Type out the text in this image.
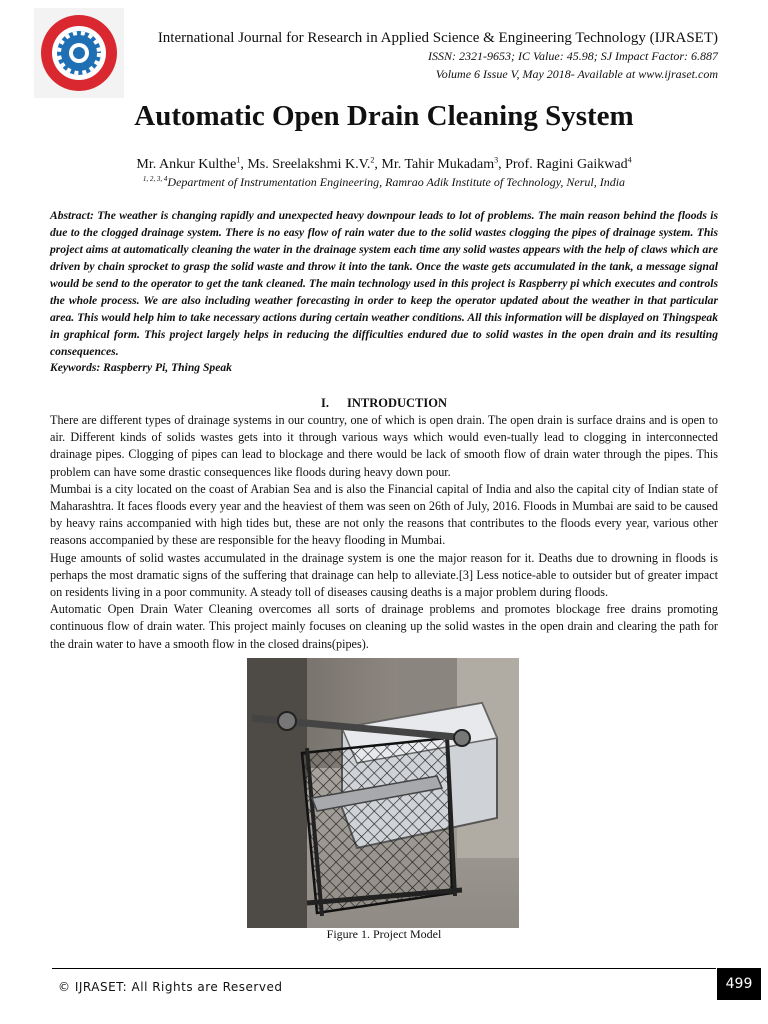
International Journal for Research in Applied Science & Engineering Technology (IJRASET)
ISSN: 2321-9653; IC Value: 45.98; SJ Impact Factor: 6.887
Volume 6 Issue V, May 2018- Available at www.ijraset.com
Automatic Open Drain Cleaning System
Mr. Ankur Kulthe$^1$, Ms. Sreelakshmi K.V.$^2$, Mr. Tahir Mukadam$^3$, Prof. Ragini Gaikwad$^4$
$^{1, 2, 3, 4}$Department of Instrumentation Engineering, Ramrao Adik Institute of Technology, Nerul, India
Abstract: The weather is changing rapidly and unexpected heavy downpour leads to lot of problems. The main reason behind the floods is due to the clogged drainage system. There is no easy flow of rain water due to the solid wastes clogging the pipes of drainage system. This project aims at automatically cleaning the water in the drainage system each time any solid wastes appears with the help of claws which are driven by chain sprocket to grasp the solid waste and throw it into the tank. Once the waste gets accumulated in the tank, a message signal would be send to the operator to get the tank cleaned. The main technology used in this project is Raspberry pi which executes and controls the whole process. We are also including weather forecasting in order to keep the operator updated about the weather in that particular area. This would help him to take necessary actions during certain weather conditions. All this information will be displayed on Thingspeak in graphical form. This project largely helps in reducing the difficulties endured due to solid wastes in the open drain and its resulting consequences.
Keywords: Raspberry Pi, Thing Speak
I. INTRODUCTION

There are different types of drainage systems in our country, one of which is open drain. The open drain is surface drains and is open to air. Different kinds of solids wastes gets into it through various ways which would even-tually lead to clogging in interconnected drainage pipes. Clogging of pipes can lead to blockage and there would be lack of smooth flow of drain water through the pipes. This problem can have some drastic consequences like floods during heavy down pour.

Mumbai is a city located on the coast of Arabian Sea and is also the Financial capital of India and also the capital city of Indian state of Maharashtra. It faces floods every year and the heaviest of them was seen on 26th of July, 2016. Floods in Mumbai are said to be caused by heavy rains accompanied with high tides but, these are not only the reasons that contributes to the floods every year, various other reasons accompanied by these are responsible for the heavy flooding in Mumbai.

Huge amounts of solid wastes accumulated in the drainage system is one the major reason for it. Deaths due to drowning in floods is perhaps the most dramatic signs of the suffering that drainage can help to alleviate.[3] Less notice-able to outsider but of greater impact on residents living in a poor community. A steady toll of diseases causing deaths is a major problem during floods.

Automatic Open Drain Water Cleaning overcomes all sorts of drainage problems and promotes blockage free drains promoting continuous flow of drain water. This project mainly focuses on cleaning up the solid wastes in the open drain and clearing the path for the drain water to have a smooth flow in the closed drains(pipes).

Figure 1. Project Model
© IJRASET: All Rights are Reserved	499
